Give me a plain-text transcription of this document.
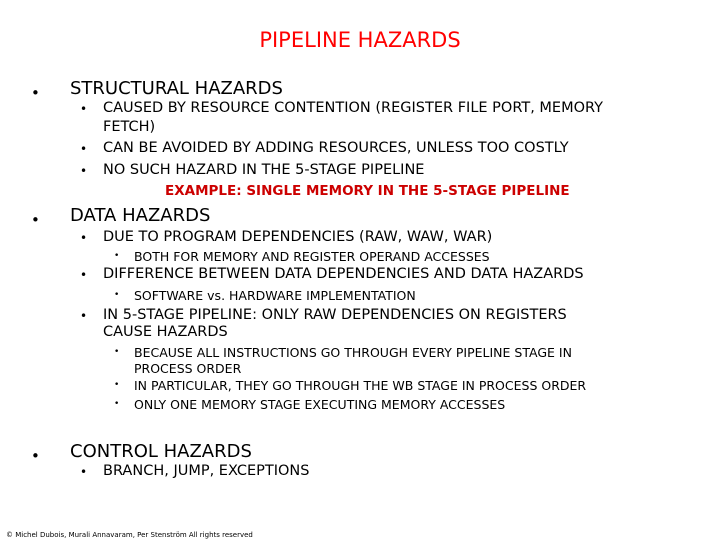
PIPELINE HAZARDS
• STRUCTURAL HAZARDS
• CAUSED BY RESOURCE CONTENTION (REGISTER FILE PORT, MEMORY
FETCH)
• CAN BE AVOIDED BY ADDING RESOURCES, UNLESS TOO COSTLY
• NO SUCH HAZARD IN THE 5-STAGE PIPELINE
EXAMPLE: SINGLE MEMORY IN THE 5-STAGE PIPELINE
• DATA HAZARDS
• DUE TO PROGRAM DEPENDENCIES (RAW, WAW, WAR)
• BOTH FOR MEMORY AND REGISTER OPERAND ACCESSES
• DIFFERENCE BETWEEN DATA DEPENDENCIES AND DATA HAZARDS
• SOFTWARE vs. HARDWARE IMPLEMENTATION
• IN 5-STAGE PIPELINE: ONLY RAW DEPENDENCIES ON REGISTERS
CAUSE HAZARDS
• BECAUSE ALL INSTRUCTIONS GO THROUGH EVERY PIPELINE STAGE IN
PROCESS ORDER
• IN PARTICULAR, THEY GO THROUGH THE WB STAGE IN PROCESS ORDER
• ONLY ONE MEMORY STAGE EXECUTING MEMORY ACCESSES
• CONTROL HAZARDS
• BRANCH, JUMP, EXCEPTIONS
© Michel Dubois, Murali Annavaram, Per Stenström All rights reserved
